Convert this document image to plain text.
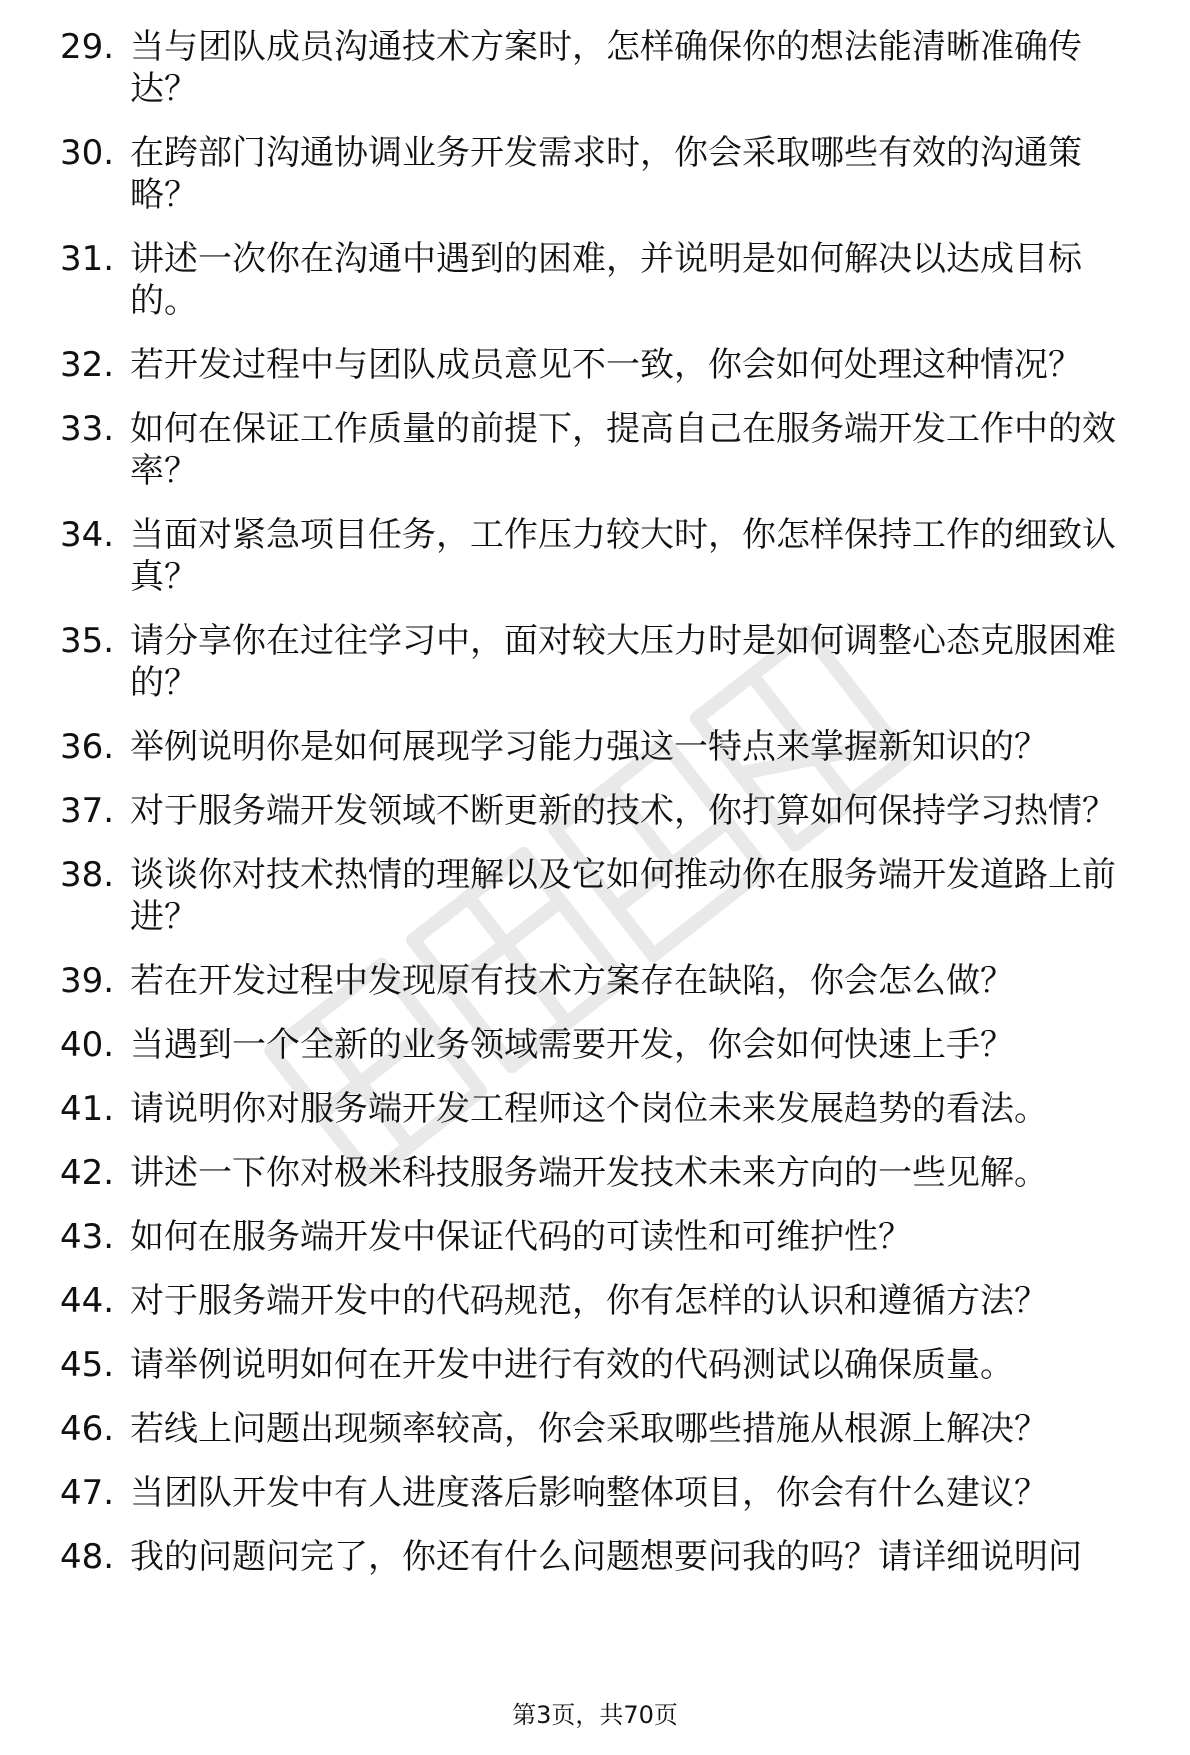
29. 当与团队成员沟通技术方案时，怎样确保你的想法能清晰准确传达？
30. 在跨部门沟通协调业务开发需求时，你会采取哪些有效的沟通策略？
31. 讲述一次你在沟通中遇到的困难，并说明是如何解决以达成目标的。
32. 若开发过程中与团队成员意见不一致，你会如何处理这种情况？
33. 如何在保证工作质量的前提下，提高自己在服务端开发工作中的效率？
34. 当面对紧急项目任务，工作压力较大时，你怎样保持工作的细致认真？
35. 请分享你在过往学习中，面对较大压力时是如何调整心态克服困难的？
36. 举例说明你是如何展现学习能力强这一特点来掌握新知识的？
37. 对于服务端开发领域不断更新的技术，你打算如何保持学习热情？
38. 谈谈你对技术热情的理解以及它如何推动你在服务端开发道路上前进？
39. 若在开发过程中发现原有技术方案存在缺陷，你会怎么做？
40. 当遇到一个全新的业务领域需要开发，你会如何快速上手？
41. 请说明你对服务端开发工程师这个岗位未来发展趋势的看法。
42. 讲述一下你对极米科技服务端开发技术未来方向的一些见解。
43. 如何在服务端开发中保证代码的可读性和可维护性？
44. 对于服务端开发中的代码规范，你有怎样的认识和遵循方法？
45. 请举例说明如何在开发中进行有效的代码测试以确保质量。
46. 若线上问题出现频率较高，你会采取哪些措施从根源上解决？
47. 当团队开发中有人进度落后影响整体项目，你会有什么建议？
48. 我的问题问完了，你还有什么问题想要问我的吗？请详细说明问
第3页，共70页
